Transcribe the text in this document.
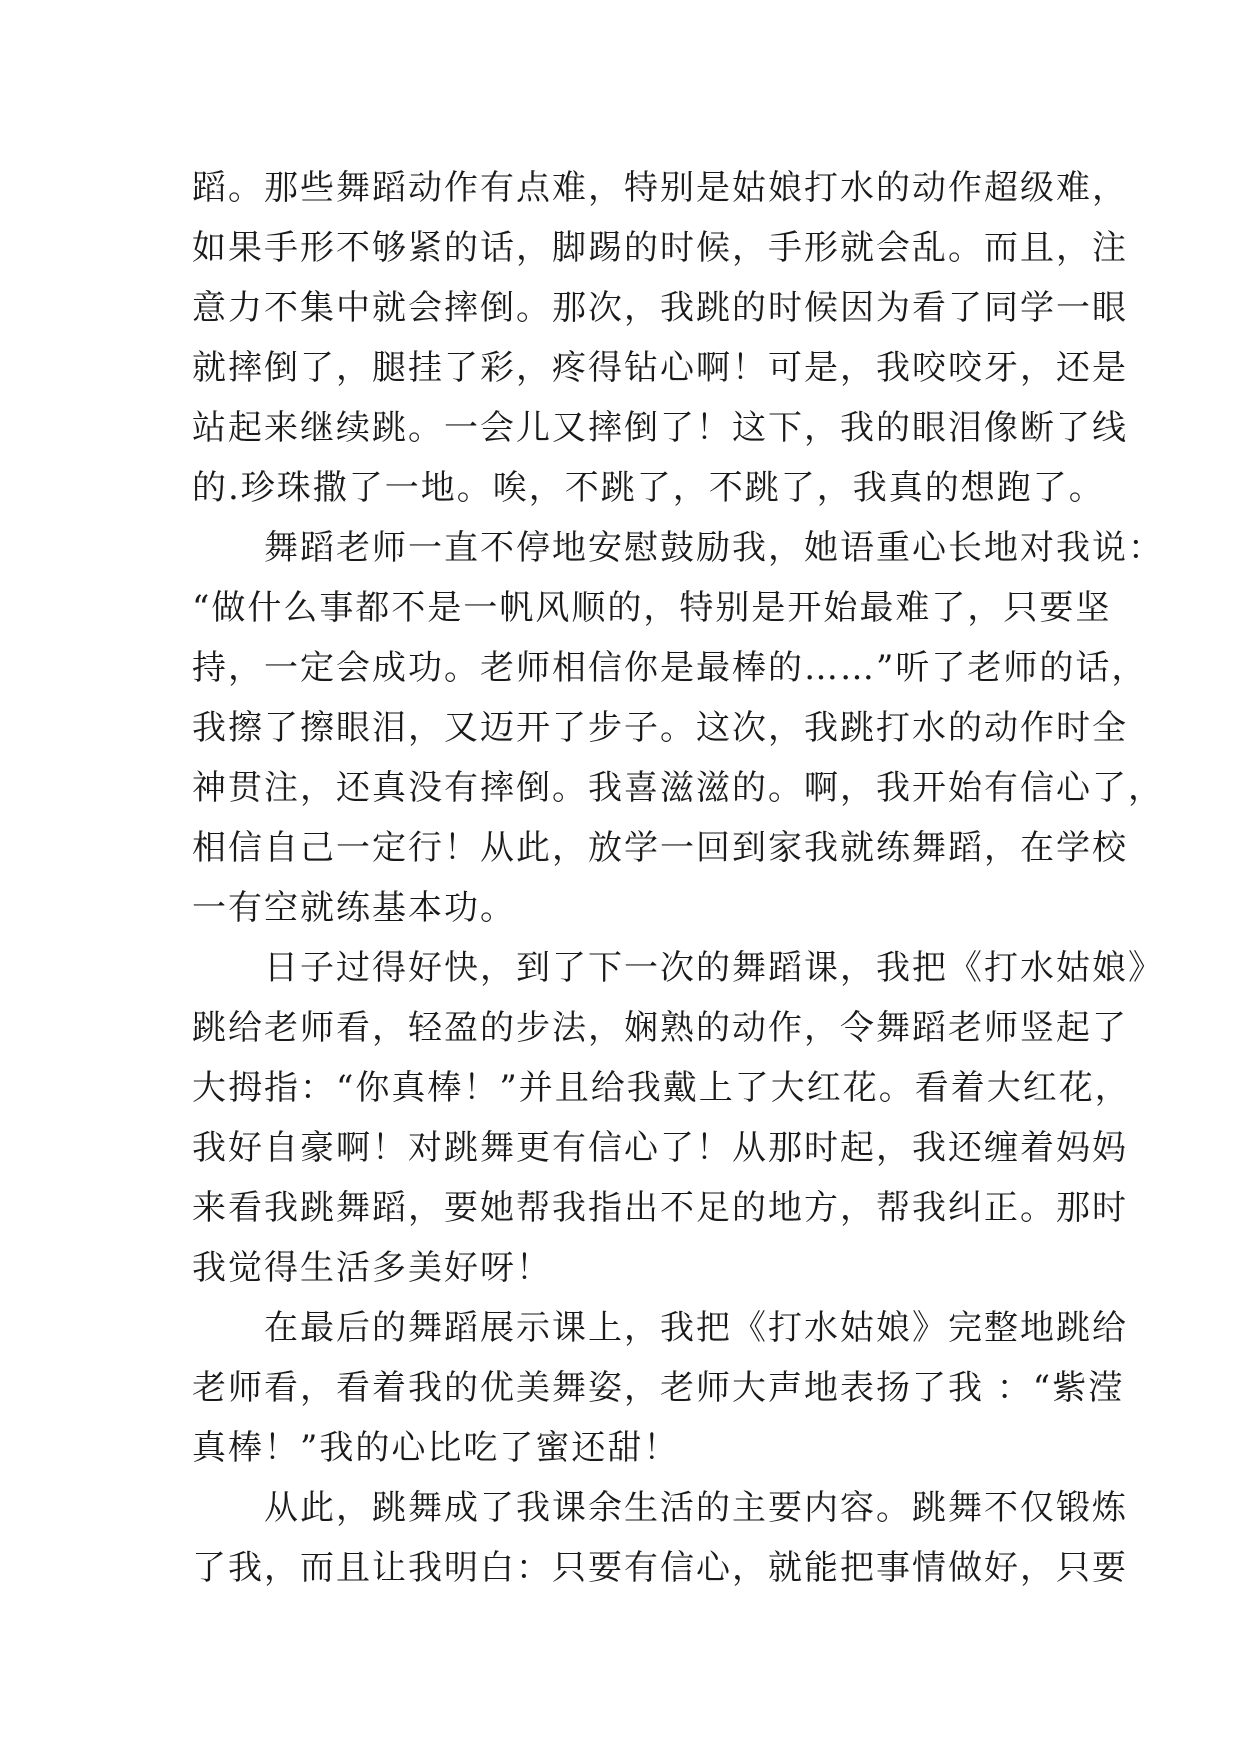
蹈。那些舞蹈动作有点难，特别是姑娘打水的动作超级难，
如果手形不够紧的话，脚踢的时候，手形就会乱。而且，注
意力不集中就会摔倒。那次，我跳的时候因为看了同学一眼
就摔倒了，腿挂了彩，疼得钻心啊！可是，我咬咬牙，还是
站起来继续跳。一会儿又摔倒了！这下，我的眼泪像断了线
的.珍珠撒了一地。唉，不跳了，不跳了，我真的想跑了。
　　舞蹈老师一直不停地安慰鼓励我，她语重心长地对我说：
“做什么事都不是一帆风顺的，特别是开始最难了，只要坚
持，一定会成功。老师相信你是最棒的……”听了老师的话，
我擦了擦眼泪，又迈开了步子。这次，我跳打水的动作时全
神贯注，还真没有摔倒。我喜滋滋的。啊，我开始有信心了，
相信自己一定行！从此，放学一回到家我就练舞蹈，在学校
一有空就练基本功。
　　日子过得好快，到了下一次的舞蹈课，我把《打水姑娘》
跳给老师看，轻盈的步法，娴熟的动作，令舞蹈老师竖起了
大拇指：“你真棒！”并且给我戴上了大红花。看着大红花，
我好自豪啊！对跳舞更有信心了！从那时起，我还缠着妈妈
来看我跳舞蹈，要她帮我指出不足的地方，帮我纠正。那时
我觉得生活多美好呀！
　　在最后的舞蹈展示课上，我把《打水姑娘》完整地跳给
老师看，看着我的优美舞姿，老师大声地表扬了我 ：“紫滢
真棒！”我的心比吃了蜜还甜！
　　从此，跳舞成了我课余生活的主要内容。跳舞不仅锻炼
了我，而且让我明白：只要有信心，就能把事情做好，只要
